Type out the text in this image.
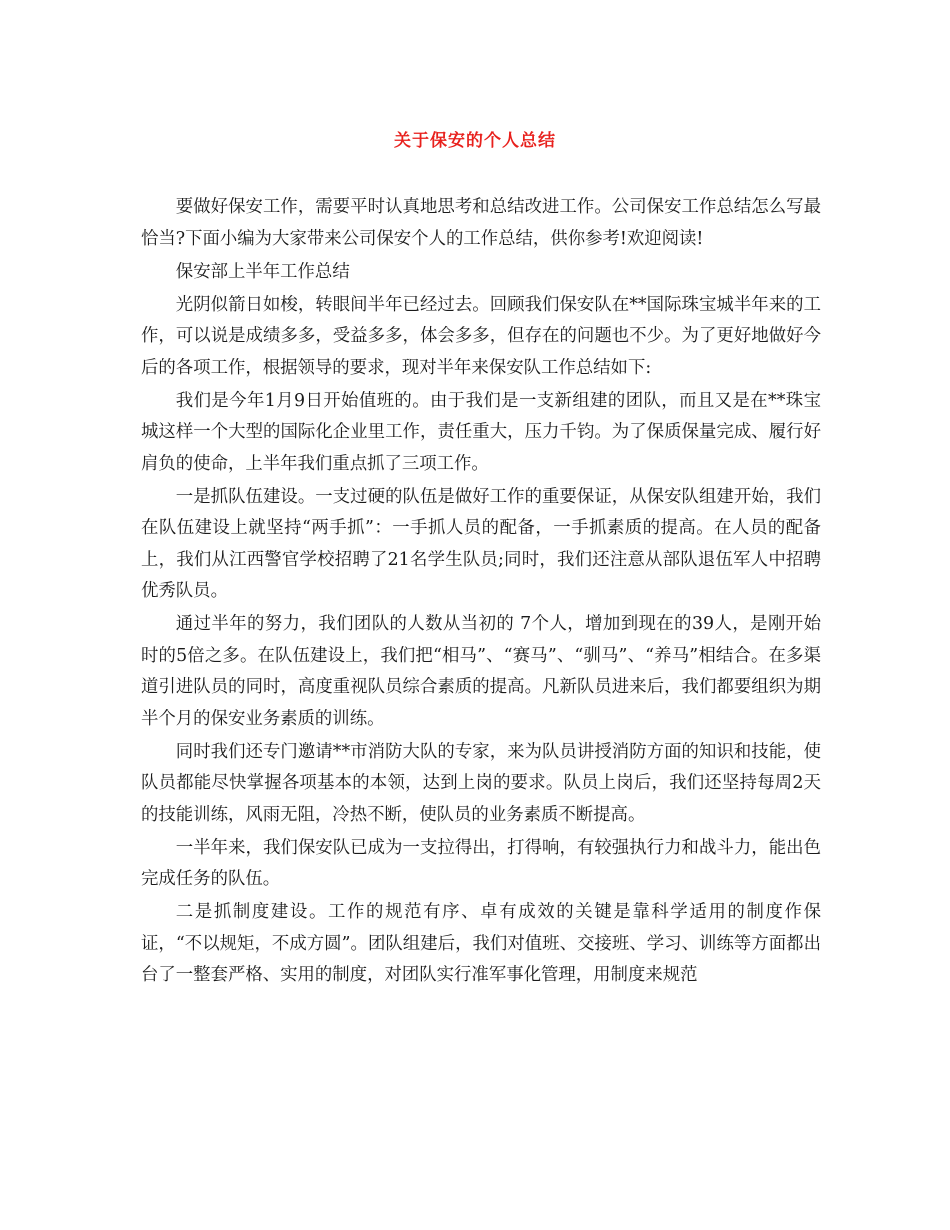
关于保安的个人总结

要做好保安工作，需要平时认真地思考和总结改进工作。公司保安工作总结怎么写最恰当?下面小编为大家带来公司保安个人的工作总结，供你参考!欢迎阅读!

保安部上半年工作总结

光阴似箭日如梭，转眼间半年已经过去。回顾我们保安队在**国际珠宝城半年来的工作，可以说是成绩多多，受益多多，体会多多，但存在的问题也不少。为了更好地做好今后的各项工作，根据领导的要求，现对半年来保安队工作总结如下:

我们是今年1月9日开始值班的。由于我们是一支新组建的团队，而且又是在**珠宝城这样一个大型的国际化企业里工作，责任重大，压力千钧。为了保质保量完成、履行好肩负的使命，上半年我们重点抓了三项工作。

一是抓队伍建设。一支过硬的队伍是做好工作的重要保证，从保安队组建开始，我们在队伍建设上就坚持“两手抓”：一手抓人员的配备，一手抓素质的提高。在人员的配备上，我们从江西警官学校招聘了21名学生队员;同时，我们还注意从部队退伍军人中招聘优秀队员。

通过半年的努力，我们团队的人数从当初的 7个人，增加到现在的39人，是刚开始时的5倍之多。在队伍建设上，我们把“相马”、“赛马”、“驯马”、“养马”相结合。在多渠道引进队员的同时，高度重视队员综合素质的提高。凡新队员进来后，我们都要组织为期半个月的保安业务素质的训练。

同时我们还专门邀请**市消防大队的专家，来为队员讲授消防方面的知识和技能，使队员都能尽快掌握各项基本的本领，达到上岗的要求。队员上岗后，我们还坚持每周2天的技能训练，风雨无阻，冷热不断，使队员的业务素质不断提高。

一半年来，我们保安队已成为一支拉得出，打得响，有较强执行力和战斗力，能出色完成任务的队伍。

二是抓制度建设。工作的规范有序、卓有成效的关键是靠科学适用的制度作保证，“不以规矩，不成方圆”。团队组建后，我们对值班、交接班、学习、训练等方面都出台了一整套严格、实用的制度，对团队实行准军事化管理，用制度来规范
